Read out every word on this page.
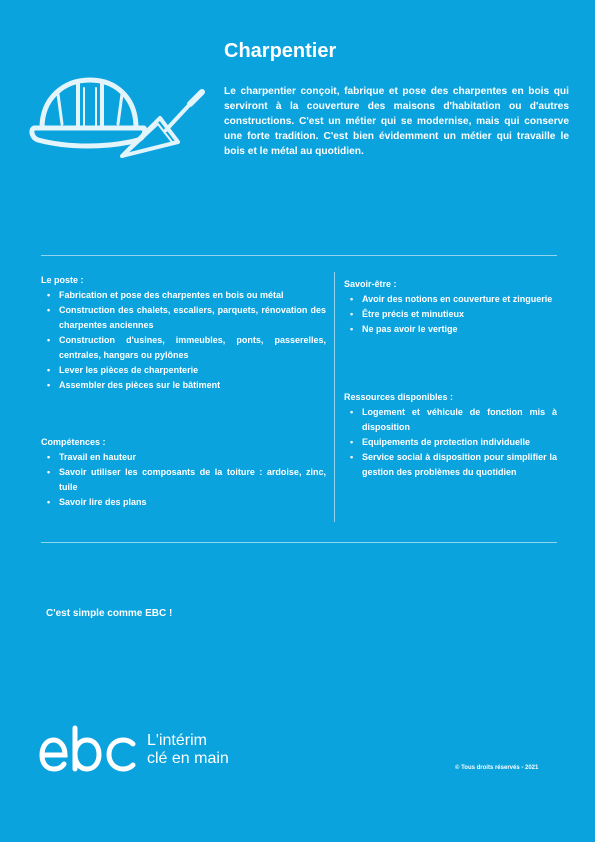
Charpentier

Le charpentier conçoit, fabrique et pose des charpentes en bois qui serviront à la couverture des maisons d'habitation ou d'autres constructions. C'est un métier qui se modernise, mais qui conserve une forte tradition. C'est bien évidemment un métier qui travaille le bois et le métal au quotidien.

Le poste :
• Fabrication et pose des charpentes en bois ou métal
• Construction des chalets, escaliers, parquets, rénovation des charpentes anciennes
• Construction d'usines, immeubles, ponts, passerelles, centrales, hangars ou pylônes
• Lever les pièces de charpenterie
• Assembler des pièces sur le bâtiment
Compétences :
• Travail en hauteur
• Savoir utiliser les composants de la toiture : ardoise, zinc, tuile
• Savoir lire des plans
Savoir-être :
• Avoir des notions en couverture et zinguerie
• Être précis et minutieux
• Ne pas avoir le vertige
Ressources disponibles :
• Logement et véhicule de fonction mis à disposition
• Equipements de protection individuelle
• Service social à disposition pour simplifier la gestion des problèmes du quotidien

C'est simple comme EBC !

L'intérim
clé en main
© Tous droits réservés - 2021
